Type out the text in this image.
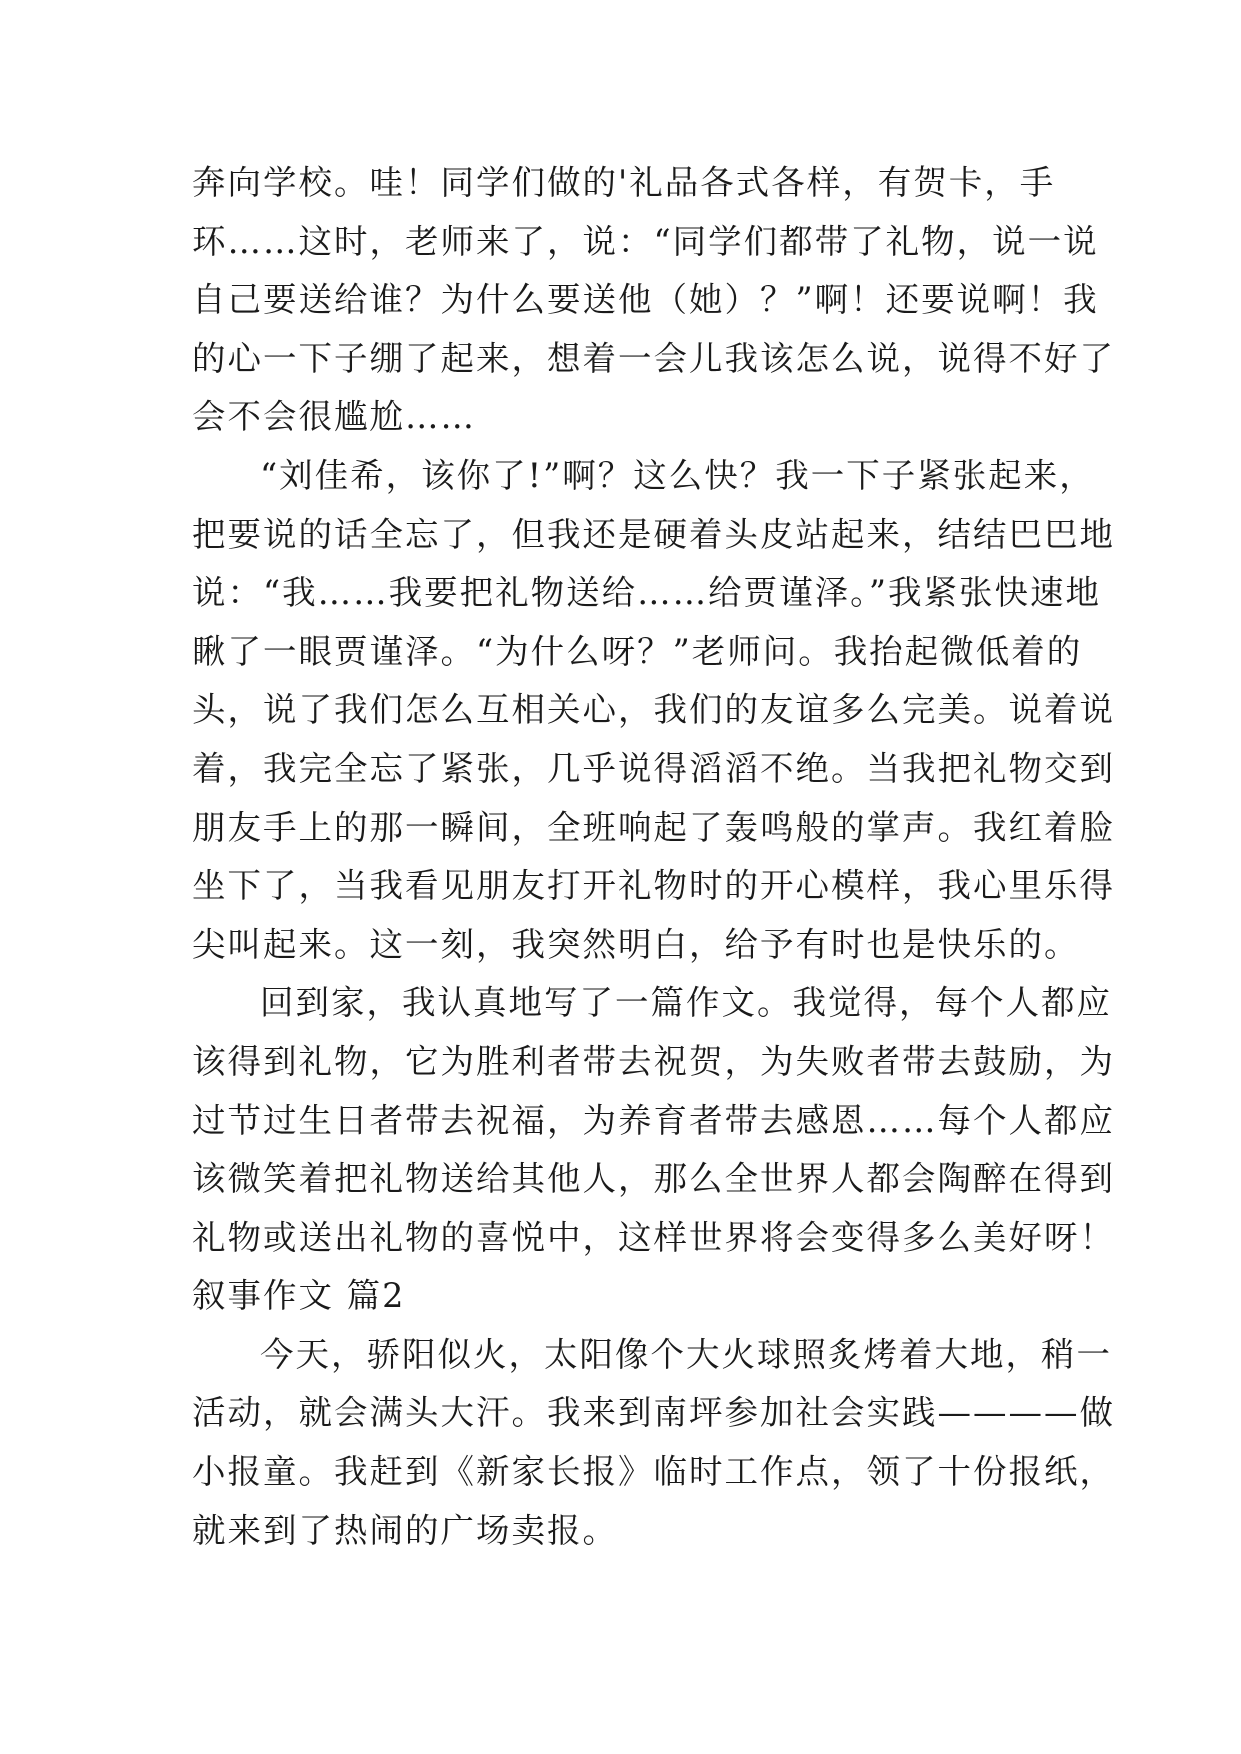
奔向学校。哇！同学们做的'礼品各式各样，有贺卡，手
环……这时，老师来了，说：“同学们都带了礼物，说一说
自己要送给谁？为什么要送他（她）？”啊！还要说啊！我
的心一下子绷了起来，想着一会儿我该怎么说，说得不好了
会不会很尴尬……
“刘佳希，该你了!”啊？这么快？我一下子紧张起来，
把要说的话全忘了，但我还是硬着头皮站起来，结结巴巴地
说：“我……我要把礼物送给……给贾谨泽。”我紧张快速地
瞅了一眼贾谨泽。“为什么呀？”老师问。我抬起微低着的
头，说了我们怎么互相关心，我们的友谊多么完美。说着说
着，我完全忘了紧张，几乎说得滔滔不绝。当我把礼物交到
朋友手上的那一瞬间，全班响起了轰鸣般的掌声。我红着脸
坐下了，当我看见朋友打开礼物时的开心模样，我心里乐得
尖叫起来。这一刻，我突然明白，给予有时也是快乐的。
回到家，我认真地写了一篇作文。我觉得，每个人都应
该得到礼物，它为胜利者带去祝贺，为失败者带去鼓励，为
过节过生日者带去祝福，为养育者带去感恩……每个人都应
该微笑着把礼物送给其他人，那么全世界人都会陶醉在得到
礼物或送出礼物的喜悦中，这样世界将会变得多么美好呀！
叙事作文 篇2
今天，骄阳似火，太阳像个大火球照炙烤着大地，稍一
活动，就会满头大汗。我来到南坪参加社会实践————做
小报童。我赶到《新家长报》临时工作点，领了十份报纸，
就来到了热闹的广场卖报。
